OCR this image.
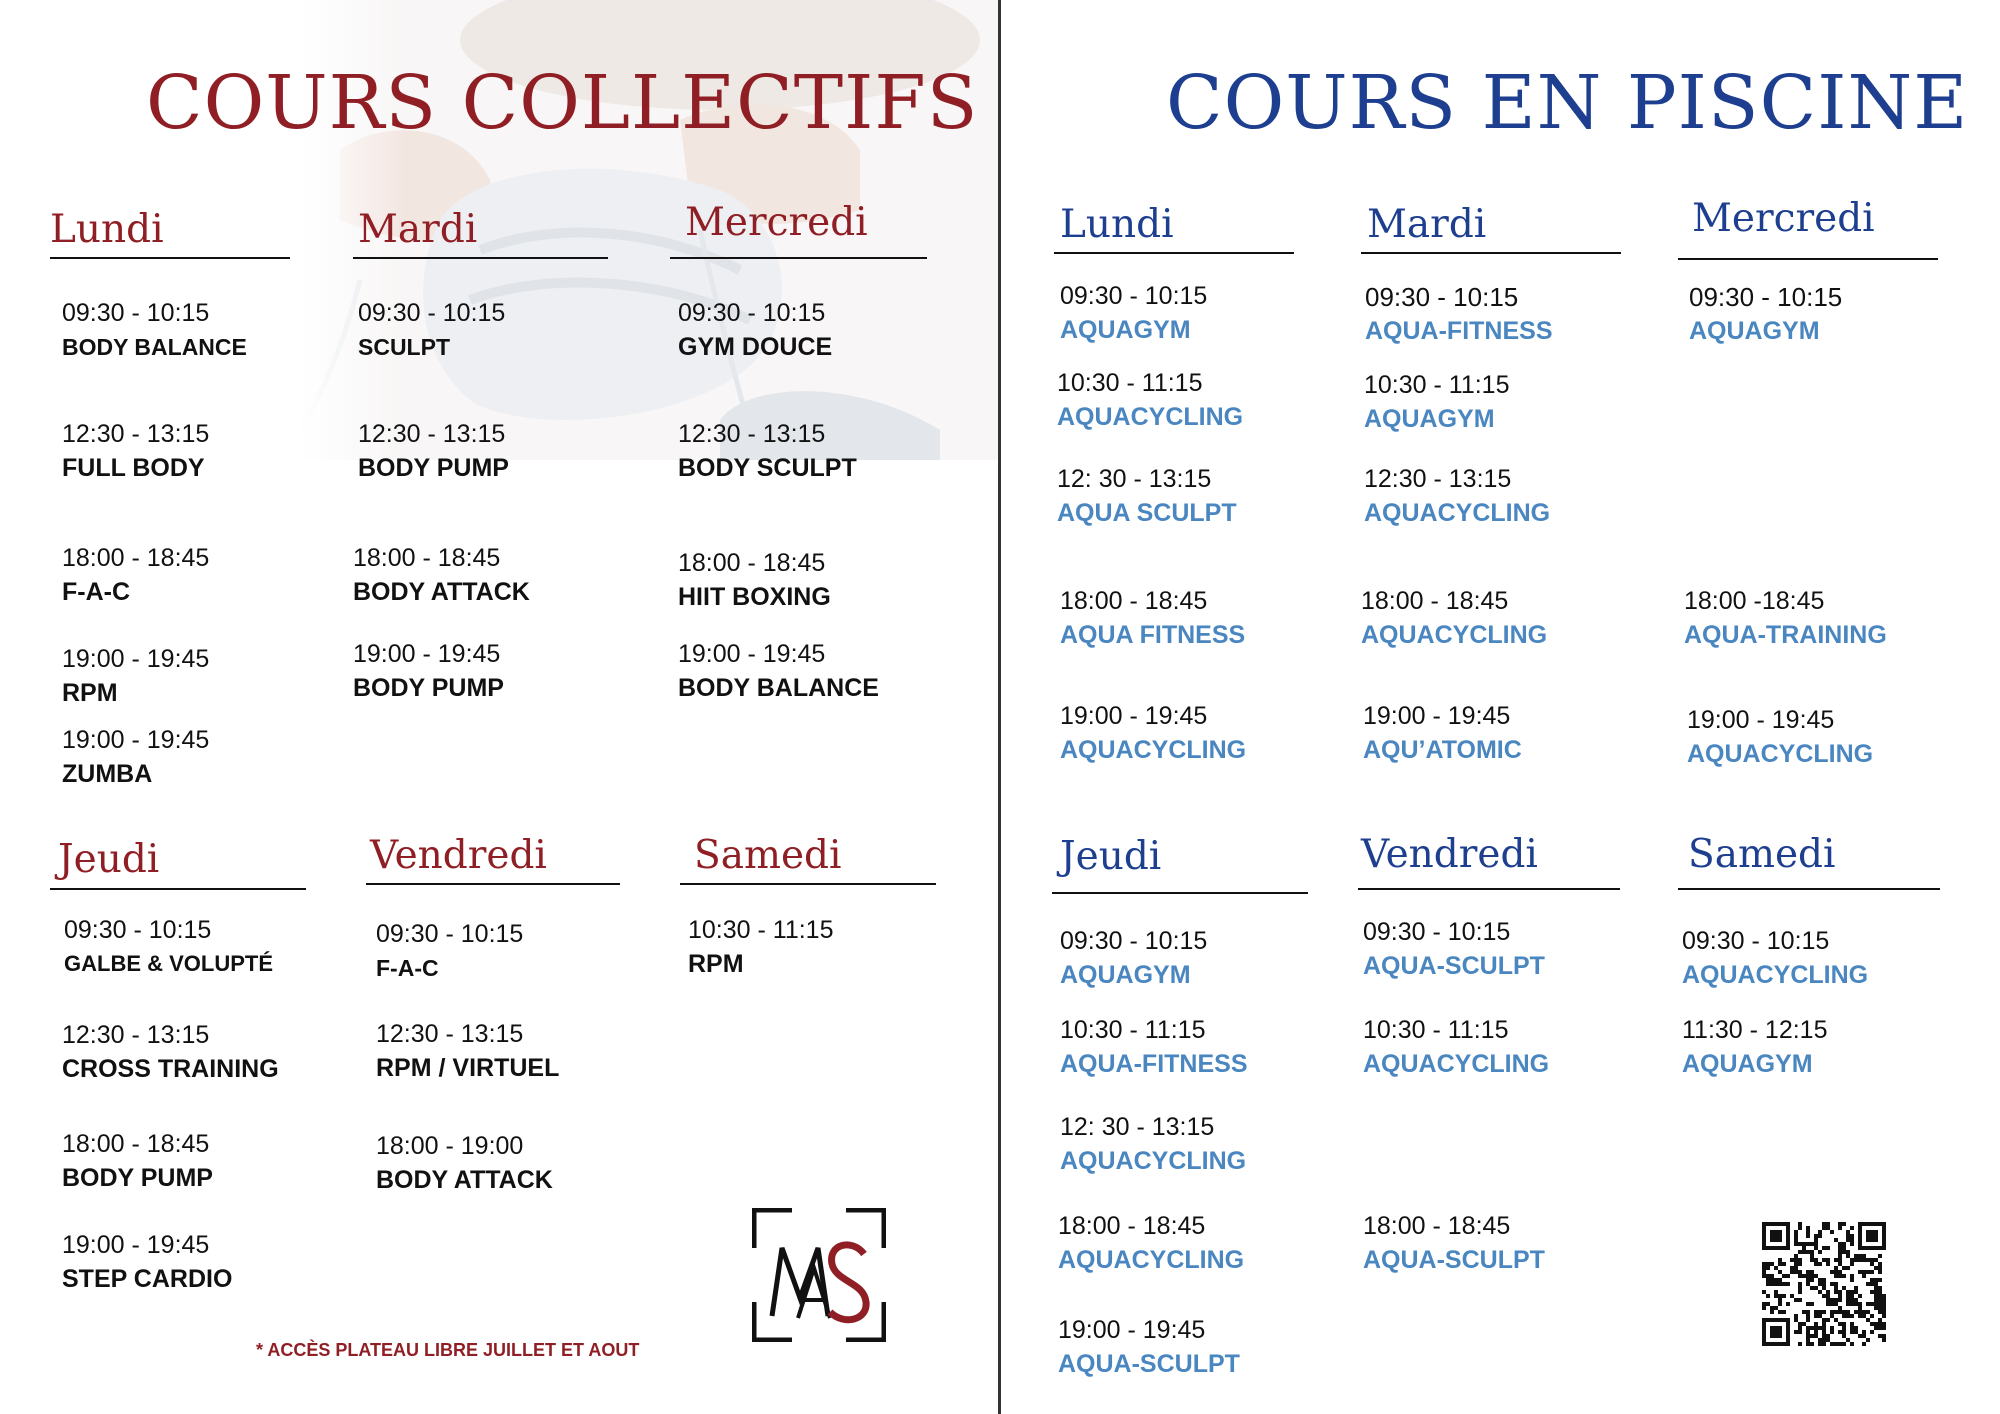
COURS COLLECTIFS
Lundi
09:30 - 10:15
BODY BALANCE
12:30 - 13:15
FULL BODY
18:00 - 18:45
F-A-C
19:00 - 19:45
RPM
19:00 - 19:45
ZUMBA
Mardi
09:30 - 10:15
SCULPT
12:30 - 13:15
BODY PUMP
18:00 - 18:45
BODY ATTACK
19:00 - 19:45
BODY PUMP
Mercredi
09:30 - 10:15
GYM DOUCE
12:30 - 13:15
BODY SCULPT
18:00 - 18:45
HIIT BOXING
19:00 - 19:45
BODY BALANCE
Jeudi
09:30 - 10:15
GALBE & VOLUPTÉ
12:30 - 13:15
CROSS TRAINING
18:00 - 18:45
BODY PUMP
19:00 - 19:45
STEP CARDIO
Vendredi
09:30 - 10:15
F-A-C
12:30 - 13:15
RPM / VIRTUEL
18:00 - 19:00
BODY ATTACK
Samedi
10:30 - 11:15
RPM
* ACCÈS PLATEAU LIBRE JUILLET ET AOUT
COURS EN PISCINE
Lundi
09:30 - 10:15
AQUAGYM
10:30 - 11:15
AQUACYCLING
12: 30 - 13:15
AQUA SCULPT
18:00 - 18:45
AQUA FITNESS
19:00 - 19:45
AQUACYCLING
Mardi
09:30 - 10:15
AQUA-FITNESS
10:30 - 11:15
AQUAGYM
12:30 - 13:15
AQUACYCLING
18:00 - 18:45
AQUACYCLING
19:00 - 19:45
AQU’ATOMIC
Mercredi
09:30 - 10:15
AQUAGYM
18:00 -18:45
AQUA-TRAINING
19:00 - 19:45
AQUACYCLING
Jeudi
09:30 - 10:15
AQUAGYM
10:30 - 11:15
AQUA-FITNESS
12: 30 - 13:15
AQUACYCLING
18:00 - 18:45
AQUACYCLING
19:00 - 19:45
AQUA-SCULPT
Vendredi
09:30 - 10:15
AQUA-SCULPT
10:30 - 11:15
AQUACYCLING
18:00 - 18:45
AQUA-SCULPT
Samedi
09:30 - 10:15
AQUACYCLING
11:30 - 12:15
AQUAGYM
